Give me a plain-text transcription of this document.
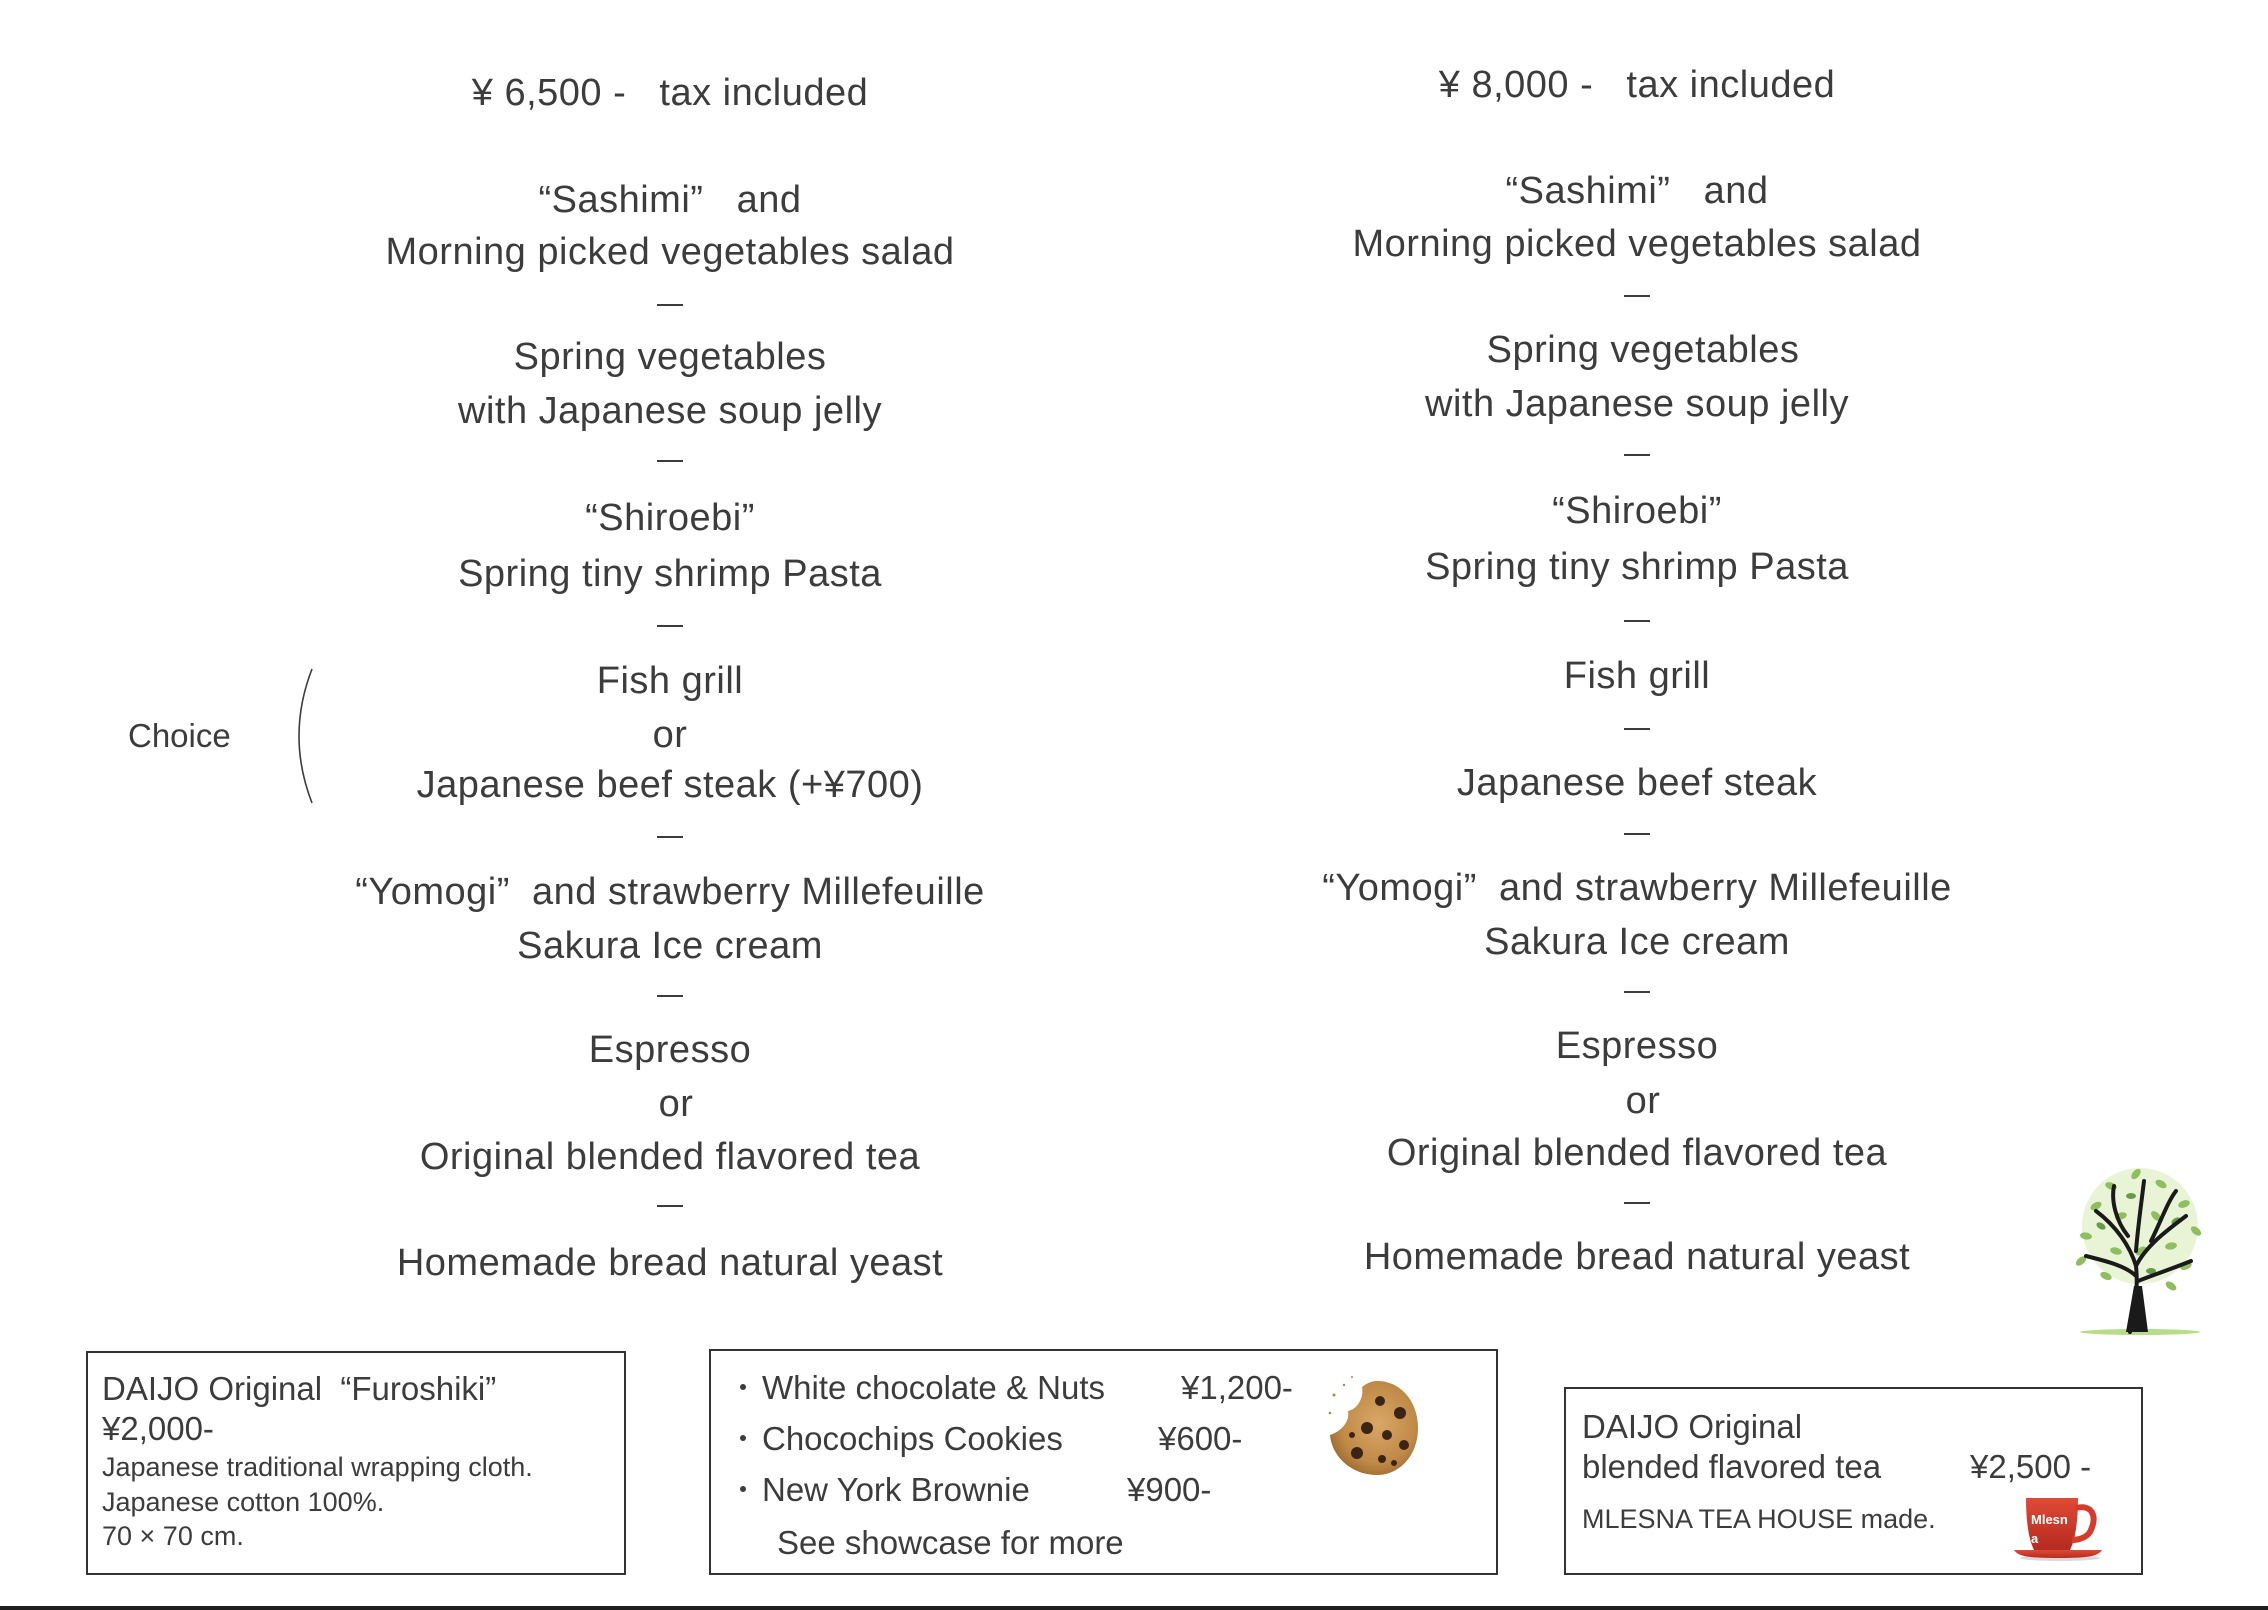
¥ 6,500 -   tax included
“Sashimi”   and
Morning picked vegetables salad
Spring vegetables
with Japanese soup jelly
“Shiroebi”
Spring tiny shrimp Pasta
Fish grill
or
Japanese beef steak (+¥700)
“Yomogi”  and strawberry Millefeuille
Sakura Ice cream
Espresso
or
Original blended flavored tea
Homemade bread natural yeast
Choice
¥ 8,000 -   tax included
“Sashimi”   and
Morning picked vegetables salad
Spring vegetables
with Japanese soup jelly
“Shiroebi”
Spring tiny shrimp Pasta
Fish grill
Japanese beef steak
“Yomogi”  and strawberry Millefeuille
Sakura Ice cream
Espresso
or
Original blended flavored tea
Homemade bread natural yeast
DAIJO Original  “Furoshiki”
¥2,000-
Japanese traditional wrapping cloth.
Japanese cotton 100%.
70 × 70 cm.
White chocolate & Nuts ¥1,200-
Chocochips Cookies	¥600-
New York Brownie	¥900-
See showcase for more
DAIJO Original
blended flavored tea	¥2,500 -
MLESNA TEA HOUSE made.	Mlesn
a
